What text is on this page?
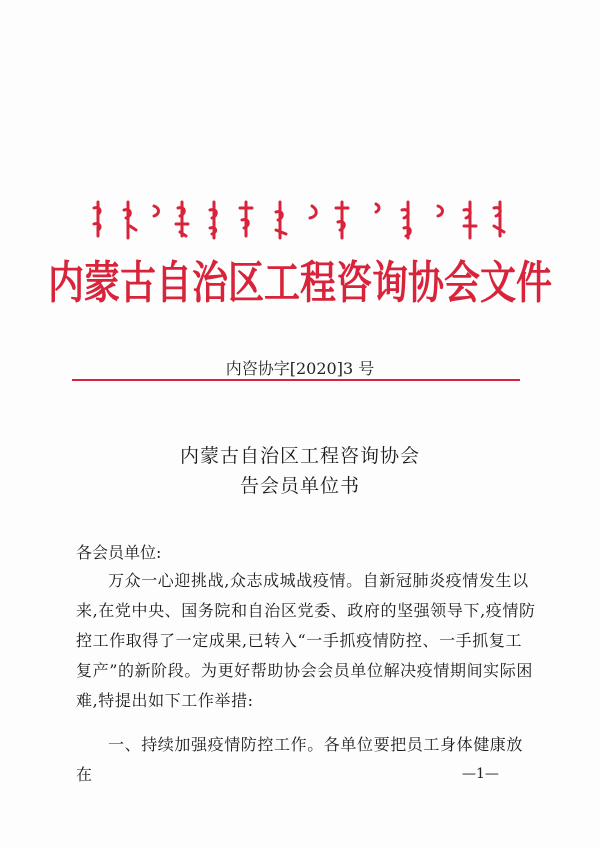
内蒙古自治区工程咨询协会文件
内咨协字[2020]3 号
内蒙古自治区工程咨询协会
告会员单位书
各会员单位:

万众一心迎挑战,众志成城战疫情。自新冠肺炎疫情发生以来,在党中央、国务院和自治区党委、政府的坚强领导下,疫情防控工作取得了一定成果,已转入“一手抓疫情防控、一手抓复工复产”的新阶段。为更好帮助协会会员单位解决疫情期间实际困难,特提出如下工作举措:

一、持续加强疫情防控工作。各单位要把员工身体健康放在	—1—
